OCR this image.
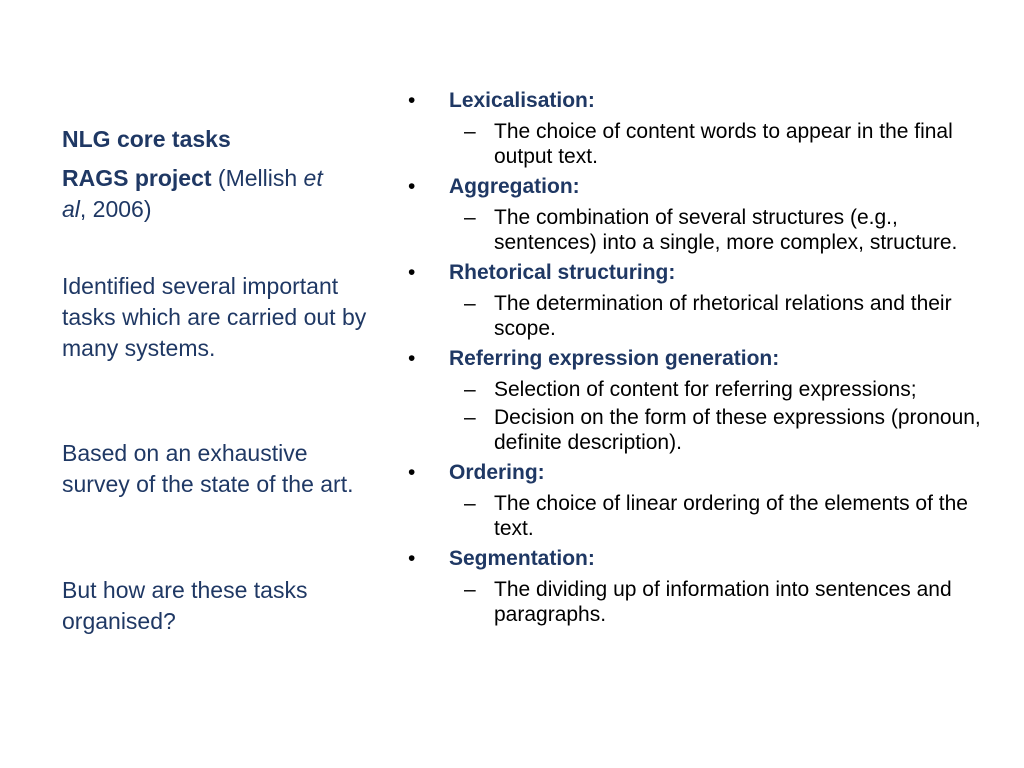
NLG core tasks

RAGS project (Mellish et
al, 2006)

Identified several important tasks which are carried out by many systems.

Based on an exhaustive survey of the state of the art.

But how are these tasks organised?

• Lexicalisation:
– The choice of content words to appear in the final output text.
• Aggregation:
– The combination of several structures (e.g., sentences) into a single, more complex, structure.
• Rhetorical structuring:
– The determination of rhetorical relations and their scope.
• Referring expression generation:
– Selection of content for referring expressions;
– Decision on the form of these expressions (pronoun, definite description).
• Ordering:
– The choice of linear ordering of the elements of the text.
• Segmentation:
– The dividing up of information into sentences and paragraphs.
